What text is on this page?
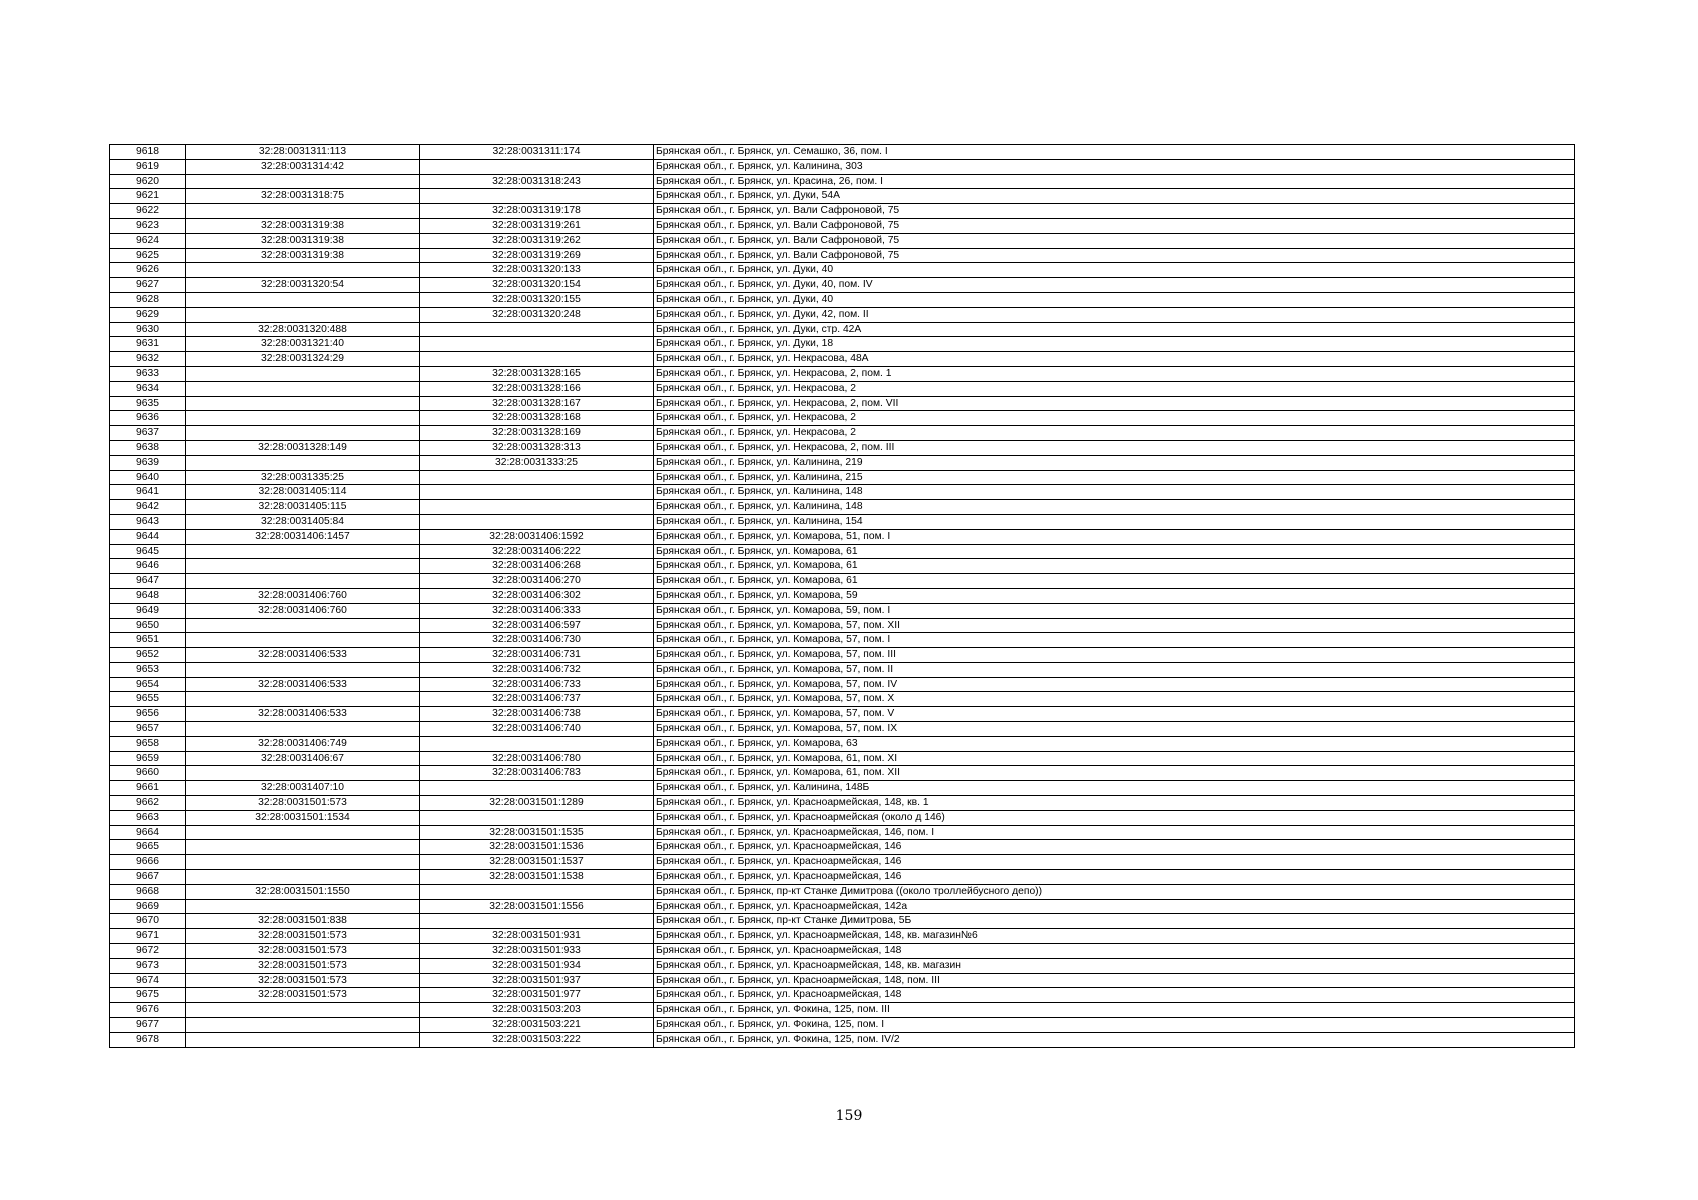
9618	32:28:0031311:113	32:28:0031311:174	Брянская обл., г. Брянск, ул. Семашко, 36, пом. I
9619	32:28:0031314:42		Брянская обл., г. Брянск, ул. Калинина, 303
9620		32:28:0031318:243	Брянская обл., г. Брянск, ул. Красина, 26, пом. I
9621	32:28:0031318:75		Брянская обл., г. Брянск, ул. Дуки, 54А
9622		32:28:0031319:178	Брянская обл., г. Брянск, ул. Вали Сафроновой, 75
9623	32:28:0031319:38	32:28:0031319:261	Брянская обл., г. Брянск, ул. Вали Сафроновой, 75
9624	32:28:0031319:38	32:28:0031319:262	Брянская обл., г. Брянск, ул. Вали Сафроновой, 75
9625	32:28:0031319:38	32:28:0031319:269	Брянская обл., г. Брянск, ул. Вали Сафроновой, 75
9626		32:28:0031320:133	Брянская обл., г. Брянск, ул. Дуки, 40
9627	32:28:0031320:54	32:28:0031320:154	Брянская обл., г. Брянск, ул. Дуки, 40, пом. IV
9628		32:28:0031320:155	Брянская обл., г. Брянск, ул. Дуки, 40
9629		32:28:0031320:248	Брянская обл., г. Брянск, ул. Дуки, 42, пом. II
9630	32:28:0031320:488		Брянская обл., г. Брянск, ул. Дуки, стр. 42А
9631	32:28:0031321:40		Брянская обл., г. Брянск, ул. Дуки, 18
9632	32:28:0031324:29		Брянская обл., г. Брянск, ул. Некрасова, 48А
9633		32:28:0031328:165	Брянская обл., г. Брянск, ул. Некрасова, 2, пом. 1
9634		32:28:0031328:166	Брянская обл., г. Брянск, ул. Некрасова, 2
9635		32:28:0031328:167	Брянская обл., г. Брянск, ул. Некрасова, 2, пом. VII
9636		32:28:0031328:168	Брянская обл., г. Брянск, ул. Некрасова, 2
9637		32:28:0031328:169	Брянская обл., г. Брянск, ул. Некрасова, 2
9638	32:28:0031328:149	32:28:0031328:313	Брянская обл., г. Брянск, ул. Некрасова, 2, пом. III
9639		32:28:0031333:25	Брянская обл., г. Брянск, ул. Калинина, 219
9640	32:28:0031335:25		Брянская обл., г. Брянск, ул. Калинина, 215
9641	32:28:0031405:114		Брянская обл., г. Брянск, ул. Калинина, 148
9642	32:28:0031405:115		Брянская обл., г. Брянск, ул. Калинина, 148
9643	32:28:0031405:84		Брянская обл., г. Брянск, ул. Калинина, 154
9644	32:28:0031406:1457	32:28:0031406:1592	Брянская обл., г. Брянск, ул. Комарова, 51, пом. I
9645		32:28:0031406:222	Брянская обл., г. Брянск, ул. Комарова, 61
9646		32:28:0031406:268	Брянская обл., г. Брянск, ул. Комарова, 61
9647		32:28:0031406:270	Брянская обл., г. Брянск, ул. Комарова, 61
9648	32:28:0031406:760	32:28:0031406:302	Брянская обл., г. Брянск, ул. Комарова, 59
9649	32:28:0031406:760	32:28:0031406:333	Брянская обл., г. Брянск, ул. Комарова, 59, пом. I
9650		32:28:0031406:597	Брянская обл., г. Брянск, ул. Комарова, 57, пом. XII
9651		32:28:0031406:730	Брянская обл., г. Брянск, ул. Комарова, 57, пом. I
9652	32:28:0031406:533	32:28:0031406:731	Брянская обл., г. Брянск, ул. Комарова, 57, пом. III
9653		32:28:0031406:732	Брянская обл., г. Брянск, ул. Комарова, 57, пом. II
9654	32:28:0031406:533	32:28:0031406:733	Брянская обл., г. Брянск, ул. Комарова, 57, пом. IV
9655		32:28:0031406:737	Брянская обл., г. Брянск, ул. Комарова, 57, пом. X
9656	32:28:0031406:533	32:28:0031406:738	Брянская обл., г. Брянск, ул. Комарова, 57, пом. V
9657		32:28:0031406:740	Брянская обл., г. Брянск, ул. Комарова, 57, пом. IX
9658	32:28:0031406:749		Брянская обл., г. Брянск, ул. Комарова, 63
9659	32:28:0031406:67	32:28:0031406:780	Брянская обл., г. Брянск, ул. Комарова, 61, пом. XI
9660		32:28:0031406:783	Брянская обл., г. Брянск, ул. Комарова, 61, пом. XII
9661	32:28:0031407:10		Брянская обл., г. Брянск, ул. Калинина, 148Б
9662	32:28:0031501:573	32:28:0031501:1289	Брянская обл., г. Брянск, ул. Красноармейская, 148, кв. 1
9663	32:28:0031501:1534		Брянская обл., г. Брянск, ул. Красноармейская (около д 146)
9664		32:28:0031501:1535	Брянская обл., г. Брянск, ул. Красноармейская, 146, пом. I
9665		32:28:0031501:1536	Брянская обл., г. Брянск, ул. Красноармейская, 146
9666		32:28:0031501:1537	Брянская обл., г. Брянск, ул. Красноармейская, 146
9667		32:28:0031501:1538	Брянская обл., г. Брянск, ул. Красноармейская, 146
9668	32:28:0031501:1550		Брянская обл., г. Брянск, пр-кт Станке Димитрова ((около троллейбусного депо))
9669		32:28:0031501:1556	Брянская обл., г. Брянск, ул. Красноармейская, 142а
9670	32:28:0031501:838		Брянская обл., г. Брянск, пр-кт Станке Димитрова, 5Б
9671	32:28:0031501:573	32:28:0031501:931	Брянская обл., г. Брянск, ул. Красноармейская, 148, кв. магазин№6
9672	32:28:0031501:573	32:28:0031501:933	Брянская обл., г. Брянск, ул. Красноармейская, 148
9673	32:28:0031501:573	32:28:0031501:934	Брянская обл., г. Брянск, ул. Красноармейская, 148, кв. магазин
9674	32:28:0031501:573	32:28:0031501:937	Брянская обл., г. Брянск, ул. Красноармейская, 148, пом. III
9675	32:28:0031501:573	32:28:0031501:977	Брянская обл., г. Брянск, ул. Красноармейская, 148
9676		32:28:0031503:203	Брянская обл., г. Брянск, ул. Фокина, 125, пом. III
9677		32:28:0031503:221	Брянская обл., г. Брянск, ул. Фокина, 125, пом. I
9678		32:28:0031503:222	Брянская обл., г. Брянск, ул. Фокина, 125, пом. IV/2
159
